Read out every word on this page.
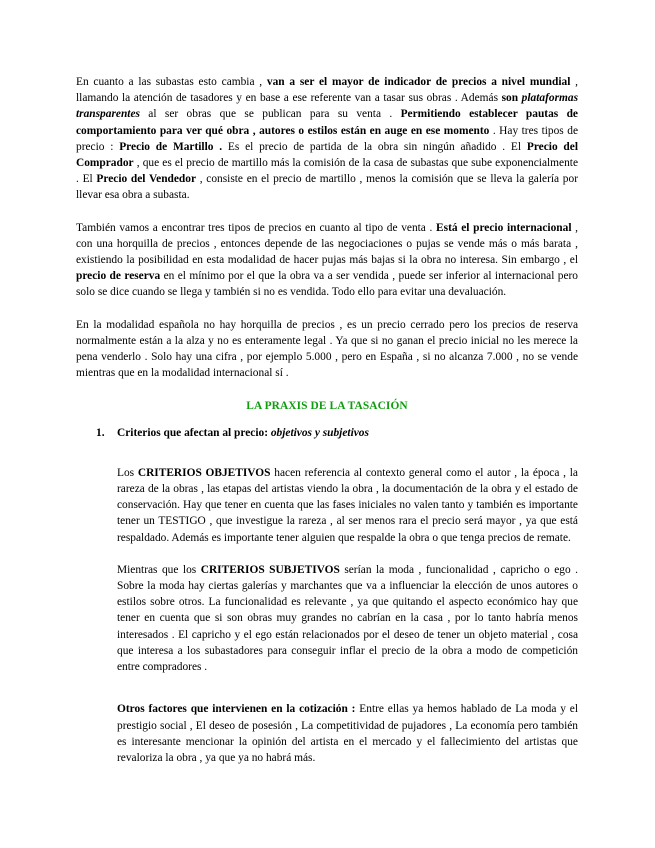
En cuanto a las subastas esto cambia , van a ser el mayor de indicador de precios a nivel mundial , llamando la atención de tasadores y en base a ese referente van a tasar sus obras . Además son plataformas transparentes al ser obras que se publican para su venta . Permitiendo establecer pautas de comportamiento para ver qué obra , autores o estilos están en auge en ese momento . Hay tres tipos de precio : Precio de Martillo . Es el precio de partida de la obra sin ningún añadido . El Precio del Comprador , que es el precio de martillo más la comisión de la casa de subastas que sube exponencialmente . El Precio del Vendedor , consiste en el precio de martillo , menos la comisión que se lleva la galería por llevar esa obra a subasta.

También vamos a encontrar tres tipos de precios en cuanto al tipo de venta . Está el precio internacional , con una horquilla de precios , entonces depende de las negociaciones o pujas se vende más o más barata , existiendo la posibilidad en esta modalidad de hacer pujas más bajas si la obra no interesa. Sin embargo , el precio de reserva en el mínimo por el que la obra va a ser vendida , puede ser inferior al internacional pero solo se dice cuando se llega y también si no es vendida. Todo ello para evitar una devaluación.

En la modalidad española no hay horquilla de precios , es un precio cerrado pero los precios de reserva normalmente están a la alza y no es enteramente legal . Ya que si no ganan el precio inicial no les merece la pena venderlo . Solo hay una cifra , por ejemplo 5.000 , pero en España , si no alcanza 7.000 , no se vende mientras que en la modalidad internacional sí .

LA PRAXIS DE LA TASACIÓN
1. Criterios que afectan al precio: objetivos y subjetivos

Los CRITERIOS OBJETIVOS hacen referencia al contexto general como el autor , la época , la rareza de la obras , las etapas del artistas viendo la obra , la documentación de la obra y el estado de conservación. Hay que tener en cuenta que las fases iniciales no valen tanto y también es importante tener un TESTIGO , que investigue la rareza , al ser menos rara el precio será mayor , ya que está respaldado. Además es importante tener alguien que respalde la obra o que tenga precios de remate.

Mientras que los CRITERIOS SUBJETIVOS serían la moda , funcionalidad , capricho o ego . Sobre la moda hay ciertas galerías y marchantes que va a influenciar la elección de unos autores o estilos sobre otros. La funcionalidad es relevante , ya que quitando el aspecto económico hay que tener en cuenta que si son obras muy grandes no cabrían en la casa , por lo tanto habría menos interesados . El capricho y el ego están relacionados por el deseo de tener un objeto material , cosa que interesa a los subastadores para conseguir inflar el precio de la obra a modo de competición entre compradores .

Otros factores que intervienen en la cotización : Entre ellas ya hemos hablado de La moda y el prestigio social , El deseo de posesión , La competitividad de pujadores , La economía pero también es interesante mencionar la opinión del artista en el mercado y el fallecimiento del artistas que revaloriza la obra , ya que ya no habrá más.
